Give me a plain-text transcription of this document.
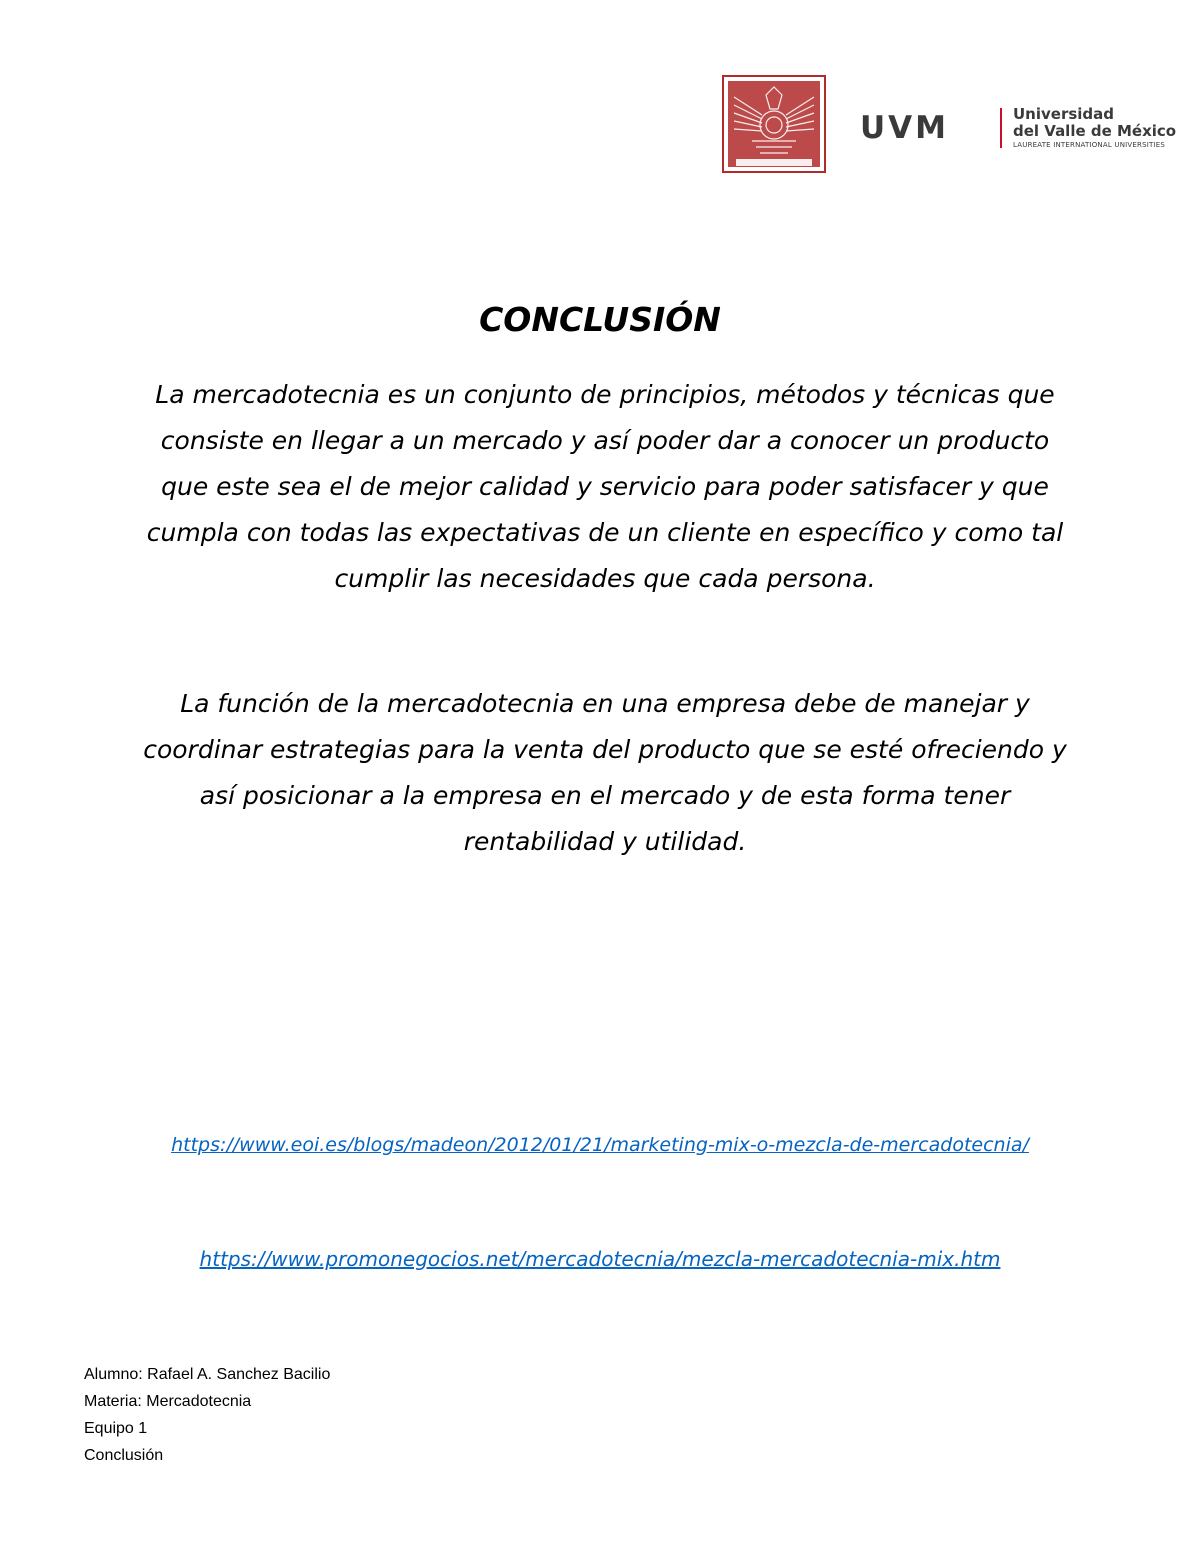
UVM	Universidad
del Valle de México
LAUREATE INTERNATIONAL UNIVERSITIES
CONCLUSIÓN
La mercadotecnia es un conjunto de principios, métodos y técnicas que
consiste en llegar a un mercado y así poder dar a conocer un producto
que este sea el de mejor calidad y servicio para poder satisfacer y que
cumpla con todas las expectativas de un cliente en específico y como tal
cumplir las necesidades que cada persona.
La función de la mercadotecnia en una empresa debe de manejar y
coordinar estrategias para la venta del producto que se esté ofreciendo y
así posicionar a la empresa en el mercado y de esta forma tener
rentabilidad y utilidad.
https://www.eoi.es/blogs/madeon/2012/01/21/marketing-mix-o-mezcla-de-mercadotecnia/
https://www.promonegocios.net/mercadotecnia/mezcla-mercadotecnia-mix.htm
Alumno: Rafael A. Sanchez Bacilio
Materia: Mercadotecnia
Equipo 1
Conclusión
